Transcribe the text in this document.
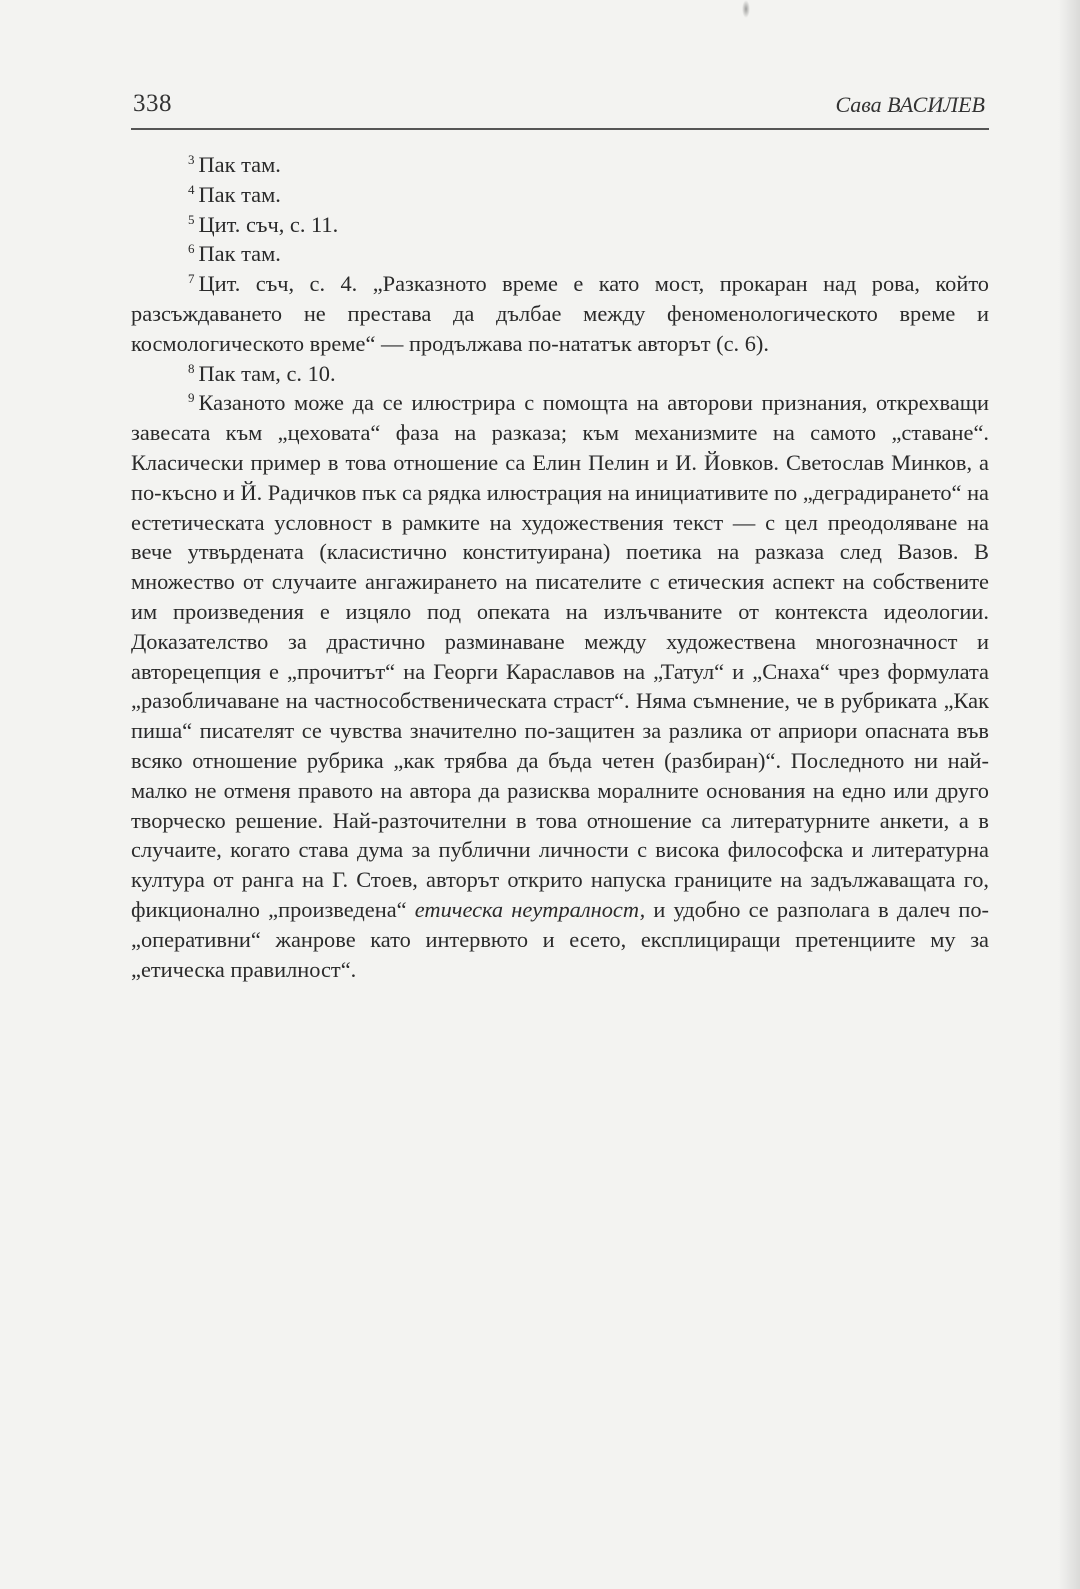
338	Сава ВАСИЛЕВ

$^3$ Пак там.

$^4$ Пак там.

$^5$ Цит. съч, с. 11.

$^6$ Пак там.

$^7$ Цит. съч, с. 4. „Разказното време е като мост, прокаран над рова, който разсъждаването не престава да дълбае между феноменологическото време и космологическото време“ — продължава по-нататък авторът (с. 6).

$^8$ Пак там, с. 10.

$^9$ Казаното може да се илюстрира с помощта на авторови признания, открехващи завесата към „цеховата“ фаза на разказа; към механизмите на самото „ставане“. Класически пример в това отношение са Елин Пелин и И. Йовков. Светослав Минков, а по-късно и Й. Радичков пък са рядка илюстрация на инициативите по „деградирането“ на естетическата условност в рамките на художествения текст — с цел преодоляване на вече утвърдената (класистично конституирана) поетика на разказа след Вазов. В множество от случаите ангажирането на писателите с етическия аспект на собствените им произведения е изцяло под опеката на излъчваните от контекста идеологии. Доказателство за драстично разминаване между художествена многозначност и авторецепция е „прочитът“ на Георги Караславов на „Татул“ и „Снаха“ чрез формулата „разобличаване на частнособственическата страст“. Няма съмнение, че в рубриката „Как пиша“ писателят се чувства значително по-защитен за разлика от априори опасната във всяко отношение рубрика „как трябва да бъда четен (разбиран)“. Последното ни най-малко не отменя правото на автора да разисква моралните основания на едно или друго творческо решение. Най-разточителни в това отношение са литературните анкети, а в случаите, когато става дума за публични личности с висока философска и литературна култура от ранга на Г. Стоев, авторът открито напуска границите на задължаващата го, фикционално „произведена“ етическа неутралност, и удобно се разполага в далеч по-„оперативни“ жанрове като интервюто и есето, експлициращи претенциите му за „етическа правилност“.
